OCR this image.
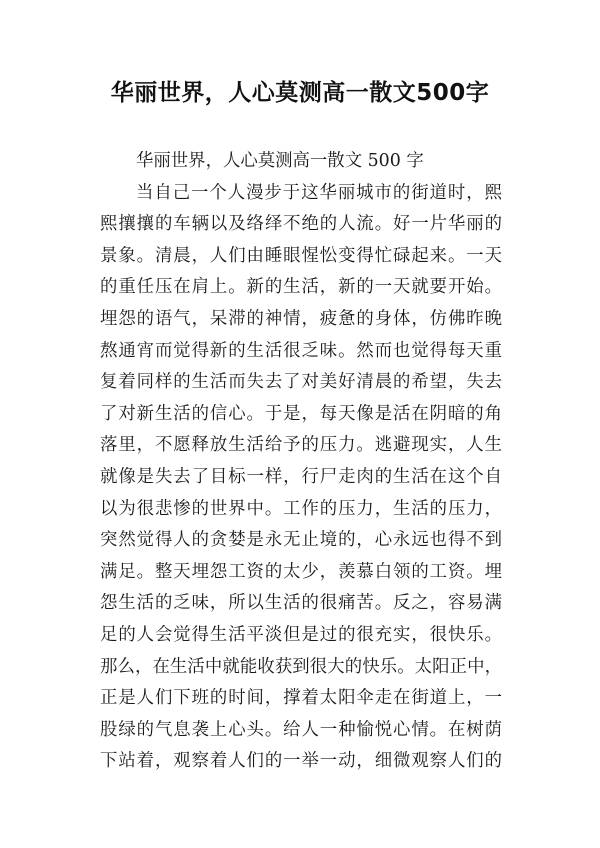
华丽世界，人心莫测高一散文500字
华丽世界，人心莫测高一散文 500 字
当自己一个人漫步于这华丽城市的街道时，熙
熙攘攘的车辆以及络绎不绝的人流。好一片华丽的
景象。清晨，人们由睡眼惺忪变得忙碌起来。一天
的重任压在肩上。新的生活，新的一天就要开始。
埋怨的语气，呆滞的神情，疲惫的身体，仿佛昨晚
熬通宵而觉得新的生活很乏味。然而也觉得每天重
复着同样的生活而失去了对美好清晨的希望，失去
了对新生活的信心。于是，每天像是活在阴暗的角
落里，不愿释放生活给予的压力。逃避现实，人生
就像是失去了目标一样，行尸走肉的生活在这个自
以为很悲惨的世界中。工作的压力，生活的压力，
突然觉得人的贪婪是永无止境的，心永远也得不到
满足。整天埋怨工资的太少，羡慕白领的工资。埋
怨生活的乏味，所以生活的很痛苦。反之，容易满
足的人会觉得生活平淡但是过的很充实，很快乐。
那么，在生活中就能收获到很大的快乐。太阳正中，
正是人们下班的时间，撑着太阳伞走在街道上，一
股绿的气息袭上心头。给人一种愉悦心情。在树荫
下站着，观察着人们的一举一动，细微观察人们的
